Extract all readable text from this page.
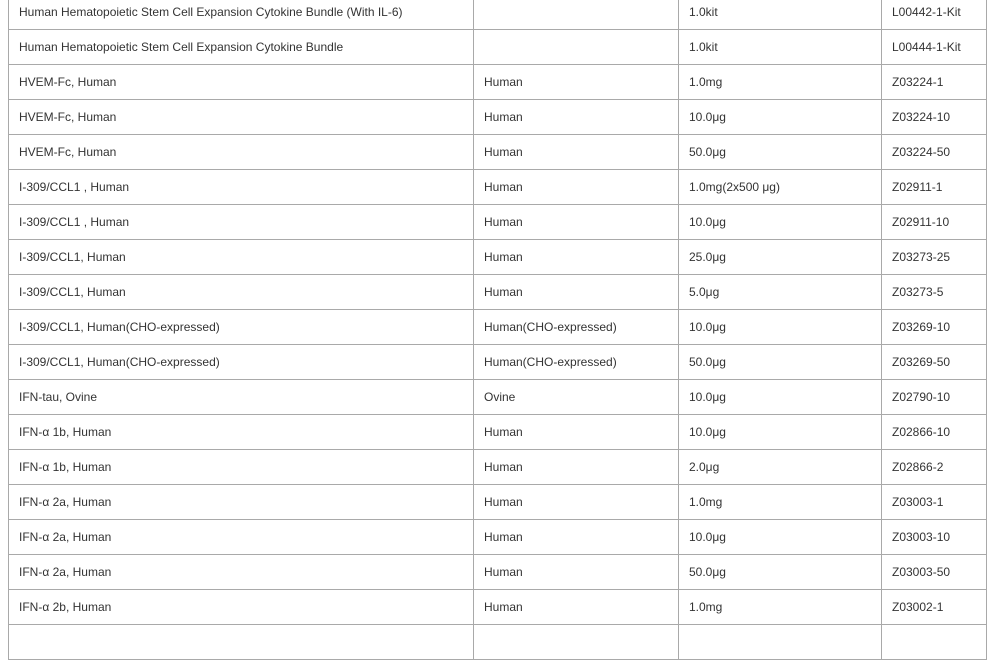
Human Hematopoietic Stem Cell Expansion Cytokine Bundle (With IL-6)		1.0kit	L00442-1-Kit
Human Hematopoietic Stem Cell Expansion Cytokine Bundle		1.0kit	L00444-1-Kit
HVEM-Fc, Human	Human	1.0mg	Z03224-1
HVEM-Fc, Human	Human	10.0μg	Z03224-10
HVEM-Fc, Human	Human	50.0μg	Z03224-50
I-309/CCL1 , Human	Human	1.0mg(2x500 μg)	Z02911-1
I-309/CCL1 , Human	Human	10.0μg	Z02911-10
I-309/CCL1, Human	Human	25.0μg	Z03273-25
I-309/CCL1, Human	Human	5.0μg	Z03273-5
I-309/CCL1, Human(CHO-expressed)	Human(CHO-expressed)	10.0μg	Z03269-10
I-309/CCL1, Human(CHO-expressed)	Human(CHO-expressed)	50.0μg	Z03269-50
IFN-tau, Ovine	Ovine	10.0μg	Z02790-10
IFN-α 1b, Human	Human	10.0μg	Z02866-10
IFN-α 1b, Human	Human	2.0μg	Z02866-2
IFN-α 2a, Human	Human	1.0mg	Z03003-1
IFN-α 2a, Human	Human	10.0μg	Z03003-10
IFN-α 2a, Human	Human	50.0μg	Z03003-50
IFN-α 2b, Human	Human	1.0mg	Z03002-1
